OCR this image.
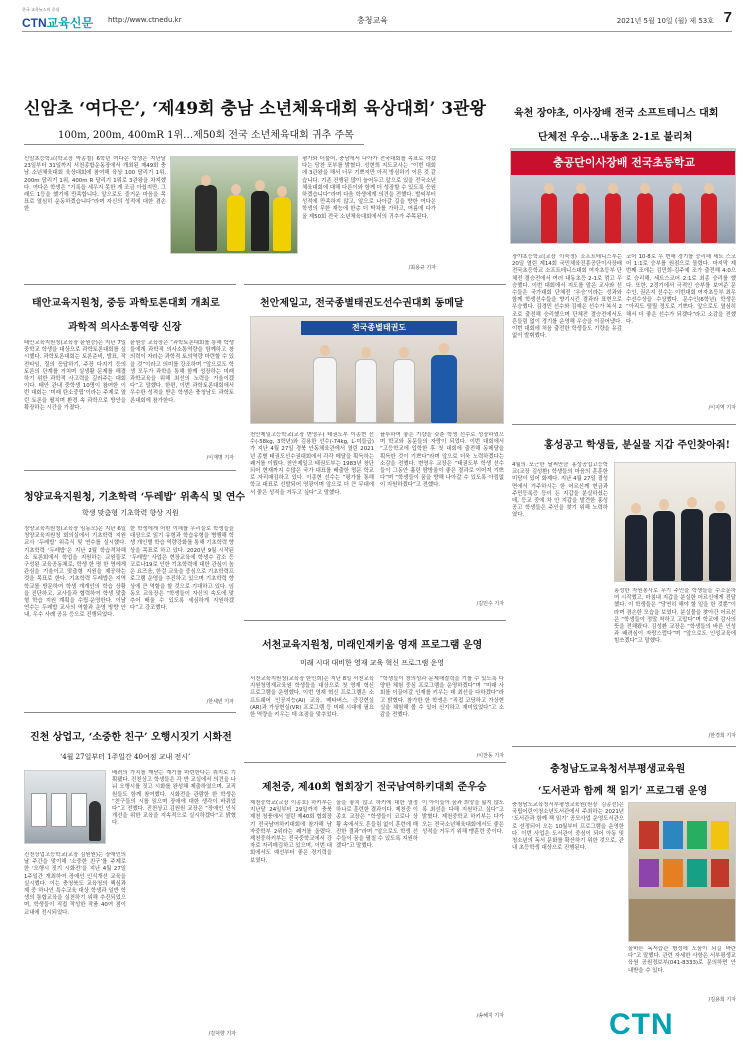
한국 교육뉴스의 중심
CTN교육신문 http://www.ctnedu.kr	충청교육	2021년 5월 10일 (월) 제 53호 7
신암초 ‘여다은’, ‘제49회 충남 소년체육대회 육상대회’ 3관왕
100m, 200m, 400mR 1위…제50회 전국 소년체육대회 귀추 주목
신암초등학교(학교장 박종철) 6학년 여다은 학생은 지난달 23일부터 31일까지 서천종합운동장에서 개최된 제49회 충남 소년체육대회 육상대회에 참여해 육상 100 달리기 1위, 200m 달리기 1위, 400m R 달리기 1위로 3관왕을 차지했다. 여다은 학생은 “기록을 세우지 못한 게 조금 아쉽지만, 그래도 1등을 했기에 만족합니다. 앞으로도 즐거운 마음을 목표로 열심히 운동하겠습니다”라며 자신의 성적에 대한 겸손한
평가와 더불어, 충남에서 나아가 전국대회를 목표로 하겠다는 당찬 포부를 밝혔다. 성현희 지도교사는 “이번 대회에 3관왕을 해서 너무 기쁘지만 아직 방심하기 이른 것 같습니다. 기존 진행된 많이 늘어두고 앞으로 있을 전국소년체육대회에 대해 다른이와 함께 더 성장할 수 있도록 응원하겠습니다”라며 다음 학생에게 의견을 전했다. 벌써부터 성적에 만족하지 않고, 앞으로 나아갈 길을 향한 여다은 학생의 무한 재능에 한층 더 박차를 가하고, 여름에 다가올 제50회 전국 소년체육대회에서의 귀추가 주목된다.
/최용규 기자
육천 장야초, 이사장배 전국 소프트테니스 대회
단체전 우승…내동초 2-1로 불리쳐
충공단이사장배 전국초등학교
장야초등학교(교장 이숙정) 소프트테니스부는 20일 열린 제14회 국민체육진흥공단이사장배 전국초등학교 소프트테니스대회 여자초등부 단체전 결승전에서 여러 내동초등 2-1로 꺾고 우승했다. 이번 대회에서 지도를 맡은 교사와 선수들은 국가대회 단체전 ‘우승’이라는 성과와 함께 학생선수들을 향기시킨 결과라 표현으로 우승했다. 김경민 선수와 김예은 선수가 복식 2조로 출전해 승리했으며 단체전 결승전에서도 흔들림 없이 경기를 운영해 우승을 이끌어냈다. 이번 대회에 처음 출전한 학생들도 기량을 유감없이 발휘했다.
코어 10-8로 우 변해 경기를 승리해 세트 스코어 1:1로 승부를 원점으로 돌렸다. 마지막 제 번째 조에는 김민희-김주예 조가 출전해 4:0으로 승리해, 세트스코어 2:1로 최종 승리를 했다. 또한, 2경기에서 극적인 승부를 보여준 문수인, 권은지 선수는 이번대회 여자초등부 최우수선수상을 수상했다. 문수인(6학년) 학생은 “아직도 떨릴 정도로 기쁘다. 앞으로도 열심히 해서 더 좋은 선수가 되겠다”라고 소감을 전했다.
/이지역 기자
태안교육지원청, 중등 과학토론대회 개최로
과학적 의사소통역량 신장
태안교육지원청(교육장 윤원승)은 지난 7일 중학교 학생을 대상으로 과학토론대회를 실시했다. 과학토론대회는 토론준비, 발표, 작전타임, 질의 응답하기, 주장 다지기 등의 토론의 단계를 거치며 실생활 문제를 해결하기 위한 과학적 사고력을 길러주는 대회이다. 태안 관내 중학생 10명이 참여한 이번 대회는 ‘미래 탄소중립’이라는 주제로 열린 토론을 펼치며 환경 속 과학으로 방안을 확장하는 시간을 가졌다.
윤원승 교육장은 “과학토론대회를 통해 학생들에게 과학적 의사소통역량을 함께하고 창의력이 자라는 과학적 토의역량 마련할 수 있을 것”이라고 의미를 강조하며 “앞으로도 학생 모두가 과학을 통해 함께 성장하는 미래 과학교육을 위해 최선의 노력을 기울이겠다”고 말했다. 한편, 이번 과학토론대회에서 우수한 성적을 받은 학생은 충청남도 과학토론대회에 참가한다.
/이재명 기자
천안제일고, 전국종별태권도선수권대회 동메달
전국종별태권도
천안제일고등학교(교장 변영우) 태권도부 이종현 선수(-58kg, 3학년)와 김용한 선수(-74kg, L-미들급) 가 지난 4월 27일 경북 안동체육관에서 열린 2021년 종별 태권도선수권대회에서 각각 메달을 획득하는 쾌거를 이뤘다. 천안제일고 태권도부는 1983년 창단되어 현재까지 수많은 국가 대표를 배출한 명문 학교로 자리매김하고 있다. 이종현 선수는 “평가를 통해 학교 대표로 선발되어 영광이며 앞으로 더 큰 무대에서 좋은 성적을 거두고 싶다”고 말했다.
플루하여 좋은 기량을 갖춘 학생 선수로 성장하였으며 학교와 동문들의 자랑이 되었다. 이번 대회에서 “고등학교에 입학한 후 첫 대회에 출전해 동메달을 획득한 것이 기쁘다”라며 앞으로 더욱 노력하겠다는 소감을 전했다. 변영우 교장은 “태권도부 학생 선수들이 그동안 흘린 땀방울이 좋은 결과로 이어져 기쁘다”며 “학생들이 꿈을 향해 나아갈 수 있도록 아낌없이 지원하겠다”고 전했다.
/김민수 기자
청양교육지원청, 기초학력 ‘두레밥’ 위촉식 및 연수
학생 맞춤형 기초학력 향상 지원
청양교육지원청(교육장 임동오)은 지난 6일 청양교육지원청 회의실에서 기초학력 지원교사 ‘두레밥’ 위촉식 및 연수를 실시했다. 기초학력 ‘두레밥’은 지난 2월 학습격차해소 토론회에서 학업을 지원하는 교원들로 구성된 교육공동체로, 학생 한 명 한 명에게 관심을 기울이고 맞춤형 지원을 제공하는 것을 목표로 한다. 기초학력 두레밥은 지역 학교를 방문하여 학생 개개인의 학습 상황을 진단하고, 교사들과 협력하여 학생 맞춤형 학습 지원 계획을 수립·운영한다. 이날 연수는 두레밥 교사의 역할과 운영 방향 안내, 우수 사례 공유 등으로 진행되었다.
한 학생에게 어떤 이해를 우리들로 학생들을 대상으로 읽기 유형과 학습유형을 병행해 학생 개인별 학습 역량강화를 통해 기초학력 향상을 목표로 하고 있다. 2020년 9월 시작된 ‘두레밥’ 사업은 현장교육에 학생수 감소 등 코로나19로 인한 기초학력에 대한 관심이 높은 요즈음, 한걸 교육을 중심으로 기초학력프로그램 운영을 추진하고 있으며 기초학력 향상에 큰 역할을 할 것으로 기대하고 있다. 임동오 교육장은 “학생들이 자신의 속도에 맞추어 배울 수 있도록 세심하게 지원하겠다”고 강조했다.
/한세빈 기자
홍성공고 학생들, 분실물 지갑 주인찾아줘!
4월의 포근한 날씨만큼 홍성공업고등학교(교장 김성환) 학생들의 마음의 훈훈한 미담이 있어 화제다. 지난 4월 27일 결성면에서 거주하시는 한 어르신께 현금과 주민등록증 등이 든 지갑을 분실하셨는데, 등교 중에 차 안 지갑을 발견한 홍성공고 학생들은 주인을 찾기 위해 노력하였다.
홍성한 자원봉사로 무기 주인을 학생들을 수소문하여 시작했고, 마침내 지갑을 분실한 어르신에게 전달했다. 이 학생들은 “당연히 해야 할 일을 한 것뿐”이라며 겸손한 모습을 보였다. 분실물을 찾아간 어르신은 “학생들이 정말 착하고 고맙다”며 학교에 감사의 뜻을 전해왔다. 김성환 교장은 “학생들의 바른 인성과 배려심이 자랑스럽다”며 “앞으로도 인성교육에 힘쓰겠다”고 말했다.
/한경희 기자
서천교육지원청, 미래인재키움 영재 프로그램 운영
미래 시대 대비한 영재 교육 혁신 프로그램 운영
서천교육지원청(교육장 한인희)은 지난 8일 서천교육지원청영재교육원 학생들을 대상으로 첫 영재 혁신 프로그램을 운영했다. 이번 영재 혁신 프로그램은 소프트웨어 인공지능(AI) 교육, 메타버스, 증강현실(AR)과 가상현실(VR) 프로그램 등 미래 시대에 필요한 역량을 키우는 데 초점을 맞추었다.
“학생들이 창의성과 문제해결력을 기를 수 있도록 다양한 체험 중심 프로그램을 운영하겠다”며 “미래 사회를 이끌어갈 인재를 키우는 데 최선을 다하겠다”라고 밝혔다. 참가한 한 학생은 “직접 코딩하고 가상현실을 체험해 볼 수 있어 신기하고 재미있었다”고 소감을 전했다.
/이찬동 기자
진천 상업고, ‘소중한 친구’ 오행시짓기 시화전
‘4월 27일부터 1주일간 40여점 교내 전시’
진천상업고등학교(교장 김원원)는 장애인의 날 주간을 맞이해 ‘소중한 친구’를 주제로 한 ‘오행시 짓기 시화전’을 지난 4월 27일 1주일간 개최하여 장애인 인식개선 교육을 실시했다. 이는 충청북도 교육청의 핵심과제 중 하나인 특수교육 대상 학생과 일반 학생의 통합교육을 실천하기 위해 추진되었으며, 학생들이 직접 작성한 작품 40여 점이 교내에 전시되었다.
배려의 가치를 깨닫는 계기를 마련한다는 취지로 기획됐다. 진천상고 학생들은 각 반 교실에서 의견을 나눠 오행시를 짓고 시화를 완성해 제출하였으며, 교직원들도 함께 참여했다. 시화전을 관람한 한 학생은 “친구들의 시를 읽으며 장애에 대한 생각이 바뀌었다”고 전했다. 진천상고 김원원 교장은 “장애인 인식 개선을 위한 교육을 지속적으로 실시하겠다”고 밝혔다.
/김덕향 기자
제천중, 제40회 협회장기 전국남여하키대회 준우승
제천중학교(교장 이종호) 하키부는 지난달 24일부터 29일까지 충북 제천 청풍에서 열린 제40회 협회장기 전국남여하키대회에 참가해 남자중학부 2위라는 쾌거를 올렸다. 제천중하키부는 전국중학교에서 강자로 자리매김하고 있으며, 이번 대회에서도 예선부터 좋은 경기력을 보였다.
올을 놓치 않고 하키에 대한 열정 하나로 훈련한 결과이다. 제천중 이종호 교장은 “학생들이 코로나 상황 속에서도 흔들림 없이 훈련에 매진한 결과”라며 “앞으로도 학생 선수들이 꿈을 펼칠 수 있도록 지원하겠다”고 말했다.
이 아이들이 꿈과 희망을 잃지 않도록 최선을 다해 지원하고 싶다”고 밝혔다. 제천중학교 하키부는 다가오는 전국소년체육대회에서도 좋은 성적을 거두기 위해 맹훈련 중이다.
/송혜지 기자
충청남도교육청서부평생교육원
‘도서관과 함께 책 읽기’ 프로그램 운영
충청남도교육청서부평생교육원(원장 김종선)은 국립어린이청소년도서관에서 주최하는 2021년 ‘도서관과 함께 책 읽기’ 공모사업 운영도서관으로 선정되어 오는 10월부터 프로그램을 운영한다. 이번 사업은 도서관이 중심이 되어 아동 및 청소년의 독서 문화를 확산하기 위한 것으로, 관내 초등학생 대상으로 진행된다.
올바른 독서습관 형성에 도움이 되길 바란다”고 말했다. 관련 자세한 사항은 서부평생교육원 공원정보부(041-8333)로 문의하면 안내받을 수 있다.
/김용희 기자
CTN
